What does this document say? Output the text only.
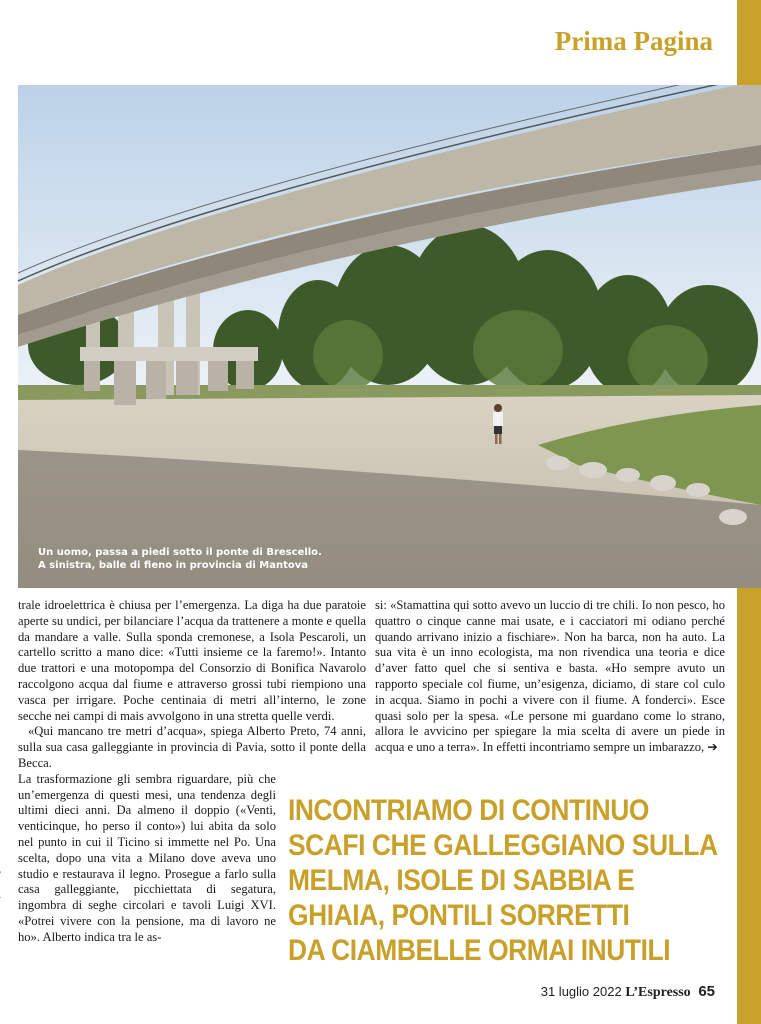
Prima Pagina
Un uomo, passa a piedi sotto il ponte di Brescello.
A sinistra, balle di fieno in provincia di Mantova

trale idroelettrica è chiusa per l’emergenza. La diga ha due paratoie aperte su undici, per bilanciare l’acqua da trattenere a monte e quella da mandare a valle. Sulla sponda cremonese, a Isola Pescaroli, un cartello scritto a mano dice: «Tutti insieme ce la faremo!». Intanto due trattori e una motopompa del Consorzio di Bonifica Navarolo raccolgono acqua dal fiume e attraverso grossi tubi riempiono una vasca per irrigare. Poche centinaia di metri all’interno, le zone secche nei campi di mais avvolgono in una stretta quelle verdi.

«Qui mancano tre metri d’acqua», spiega Alberto Preto, 74 anni, sulla sua casa galleggiante in provincia di Pavia, sotto il ponte della Becca.

La trasformazione gli sembra riguardare, più che un’emergenza di questi mesi, una tendenza degli ultimi dieci anni. Da almeno il doppio («Venti, venticinque, ho perso il conto») lui abita da solo nel punto in cui il Ticino si immette nel Po. Una scelta, dopo una vita a Milano dove aveva uno studio e restaurava il legno. Prosegue a farlo sulla casa galleggiante, picchiettata di segatura, ingombra di seghe circolari e tavoli Luigi XVI. «Potrei vivere con la pensione, ma di lavoro ne ho». Alberto indica tra le as-

si: «Stamattina qui sotto avevo un luccio di tre chili. Io non pesco, ho quattro o cinque canne mai usate, e i cacciatori mi odiano perché quando arrivano inizio a fischiare». Non ha barca, non ha auto. La sua vita è un inno ecologista, ma non rivendica una teoria e dice d’aver fatto quel che si sentiva e basta. «Ho sempre avuto un rapporto speciale col fiume, un’esigenza, diciamo, di stare col culo in acqua. Siamo in pochi a vivere con il fiume. A fonderci». Esce quasi solo per la spesa. «Le persone mi guardano come lo strano, allora le avvicino per spiegare la mia scelta di avere un piede in acqua e uno a terra». In effetti incontriamo sempre un imbarazzo, ➔

INCONTRIAMO DI CONTINUO
SCAFI CHE GALLEGGIANO SULLA
MELMA, ISOLE DI SABBIA E
GHIAIA, PONTILI SORRETTI
DA CIAMBELLE ORMAI INUTILI
31 luglio 2022 L’Espresso 65
